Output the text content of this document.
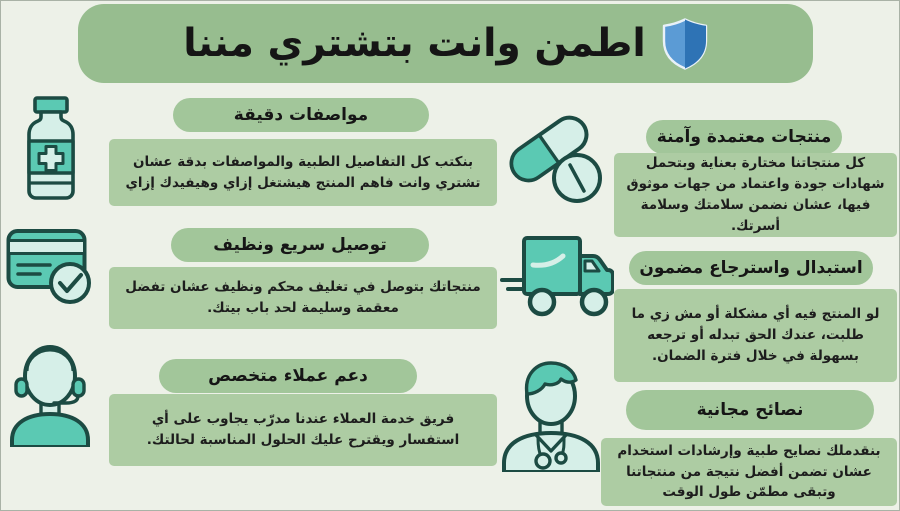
اطمن وانت بتشتري مننا
مواصفات دقيقة
بنكتب كل التفاصيل الطبية والمواصفات بدقة عشان تشتري وانت فاهم المنتج هيشتغل إزاي وهيفيدك إزاي
توصيل سريع ونظيف
منتجاتك بتوصل في تغليف محكم ونظيف عشان تفضل معقمة وسليمة لحد باب بيتك.
دعم عملاء متخصص
فريق خدمة العملاء عندنا مدرّب يجاوب على أي استفسار ويقترح عليك الحلول المناسبة لحالتك.
منتجات معتمدة وآمنة
كل منتجاتنا مختارة بعناية وبتحمل شهادات جودة واعتماد من جهات موثوق فيها، عشان نضمن سلامتك وسلامة أسرتك.
استبدال واسترجاع مضمون
لو المنتج فيه أي مشكلة أو مش زي ما طلبت، عندك الحق تبدله أو ترجعه بسهولة في خلال فترة الضمان.
نصائح مجانية
بنقدملك نصايح طبية وإرشادات استخدام عشان تضمن أفضل نتيجة من منتجاتنا وتبقى مطمّن طول الوقت
